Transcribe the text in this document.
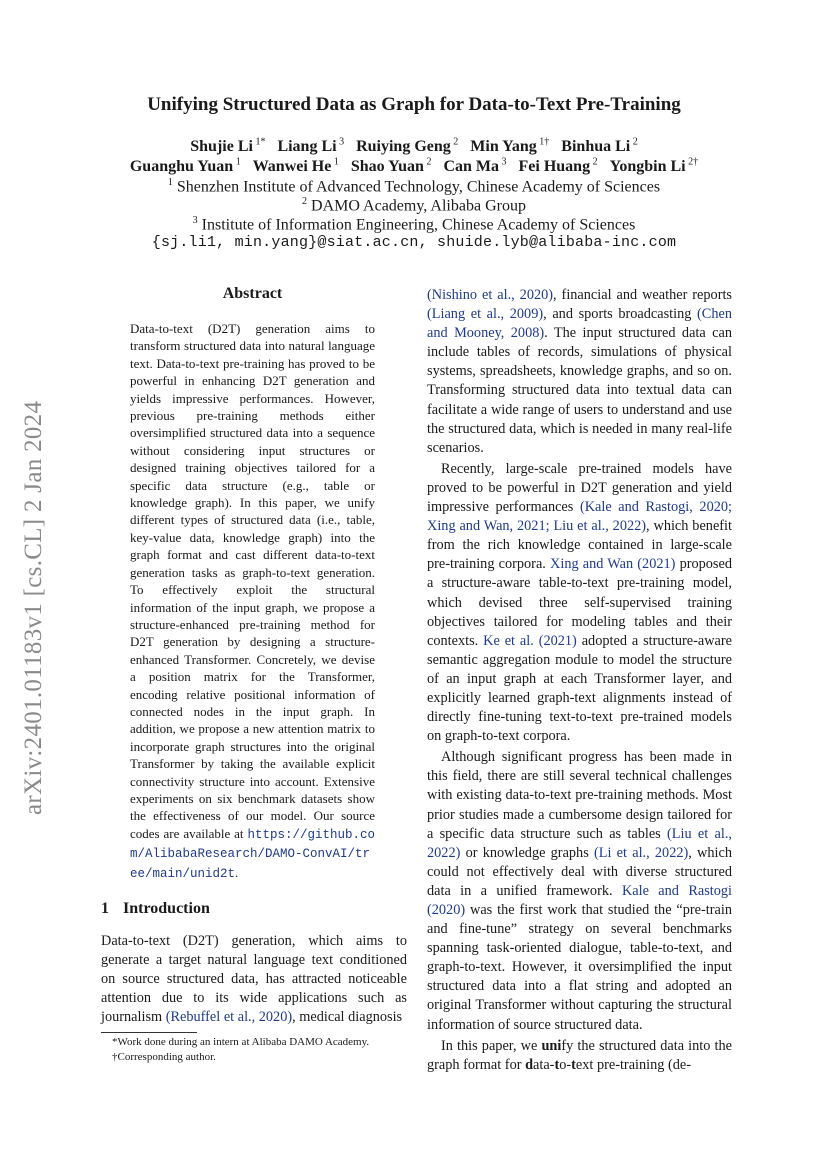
arXiv:2401.01183v1 [cs.CL] 2 Jan 2024
Unifying Structured Data as Graph for Data-to-Text Pre-Training
Shujie Li $^{1*}$ Liang Li $^3$ Ruiying Geng $^2$ Min Yang $^{1\dagger}$ Binhua Li $^2$
Guanghu Yuan $^1$ Wanwei He $^1$ Shao Yuan $^2$ Can Ma $^3$ Fei Huang $^2$ Yongbin Li $^{2\dagger}$
$^1$ Shenzhen Institute of Advanced Technology, Chinese Academy of Sciences
$^2$ DAMO Academy, Alibaba Group
$^3$ Institute of Information Engineering, Chinese Academy of Sciences
{sj.li1, min.yang}@siat.ac.cn, shuide.lyb@alibaba-inc.com
Abstract
Data-to-text (D2T) generation aims to transform structured data into natural language text. Data-to-text pre-training has proved to be powerful in enhancing D2T generation and yields impressive performances. However, previous pre-training methods either oversimplified structured data into a sequence without considering input structures or designed training objectives tailored for a specific data structure (e.g., table or knowledge graph). In this paper, we unify different types of structured data (i.e., table, key-value data, knowledge graph) into the graph format and cast different data-to-text generation tasks as graph-to-text generation. To effectively exploit the structural information of the input graph, we propose a structure-enhanced pre-training method for D2T generation by designing a structure-enhanced Transformer. Concretely, we devise a position matrix for the Transformer, encoding relative positional information of connected nodes in the input graph. In addition, we propose a new attention matrix to incorporate graph structures into the original Transformer by taking the available explicit connectivity structure into account. Extensive experiments on six benchmark datasets show the effectiveness of our model. Our source codes are available at https://github.com/AlibabaResearch/DAMO-ConvAI/tree/main/unid2t.
1 Introduction
Data-to-text (D2T) generation, which aims to generate a target natural language text conditioned on source structured data, has attracted noticeable attention due to its wide applications such as journalism (Rebuffel et al., 2020), medical diagnosis
*Work done during an intern at Alibaba DAMO Academy.
†Corresponding author.

(Nishino et al., 2020), financial and weather reports (Liang et al., 2009), and sports broadcasting (Chen and Mooney, 2008). The input structured data can include tables of records, simulations of physical systems, spreadsheets, knowledge graphs, and so on. Transforming structured data into textual data can facilitate a wide range of users to understand and use the structured data, which is needed in many real-life scenarios.

Recently, large-scale pre-trained models have proved to be powerful in D2T generation and yield impressive performances (Kale and Rastogi, 2020; Xing and Wan, 2021; Liu et al., 2022), which benefit from the rich knowledge contained in large-scale pre-training corpora. Xing and Wan (2021) proposed a structure-aware table-to-text pre-training model, which devised three self-supervised training objectives tailored for modeling tables and their contexts. Ke et al. (2021) adopted a structure-aware semantic aggregation module to model the structure of an input graph at each Transformer layer, and explicitly learned graph-text alignments instead of directly fine-tuning text-to-text pre-trained models on graph-to-text corpora.

Although significant progress has been made in this field, there are still several technical challenges with existing data-to-text pre-training methods. Most prior studies made a cumbersome design tailored for a specific data structure such as tables (Liu et al., 2022) or knowledge graphs (Li et al., 2022), which could not effectively deal with diverse structured data in a unified framework. Kale and Rastogi (2020) was the first work that studied the “pre-train and fine-tune” strategy on several benchmarks spanning task-oriented dialogue, table-to-text, and graph-to-text. However, it oversimplified the input structured data into a flat string and adopted an original Transformer without capturing the structural information of source structured data.

In this paper, we unify the structured data into the graph format for data-to-text pre-training (de-
